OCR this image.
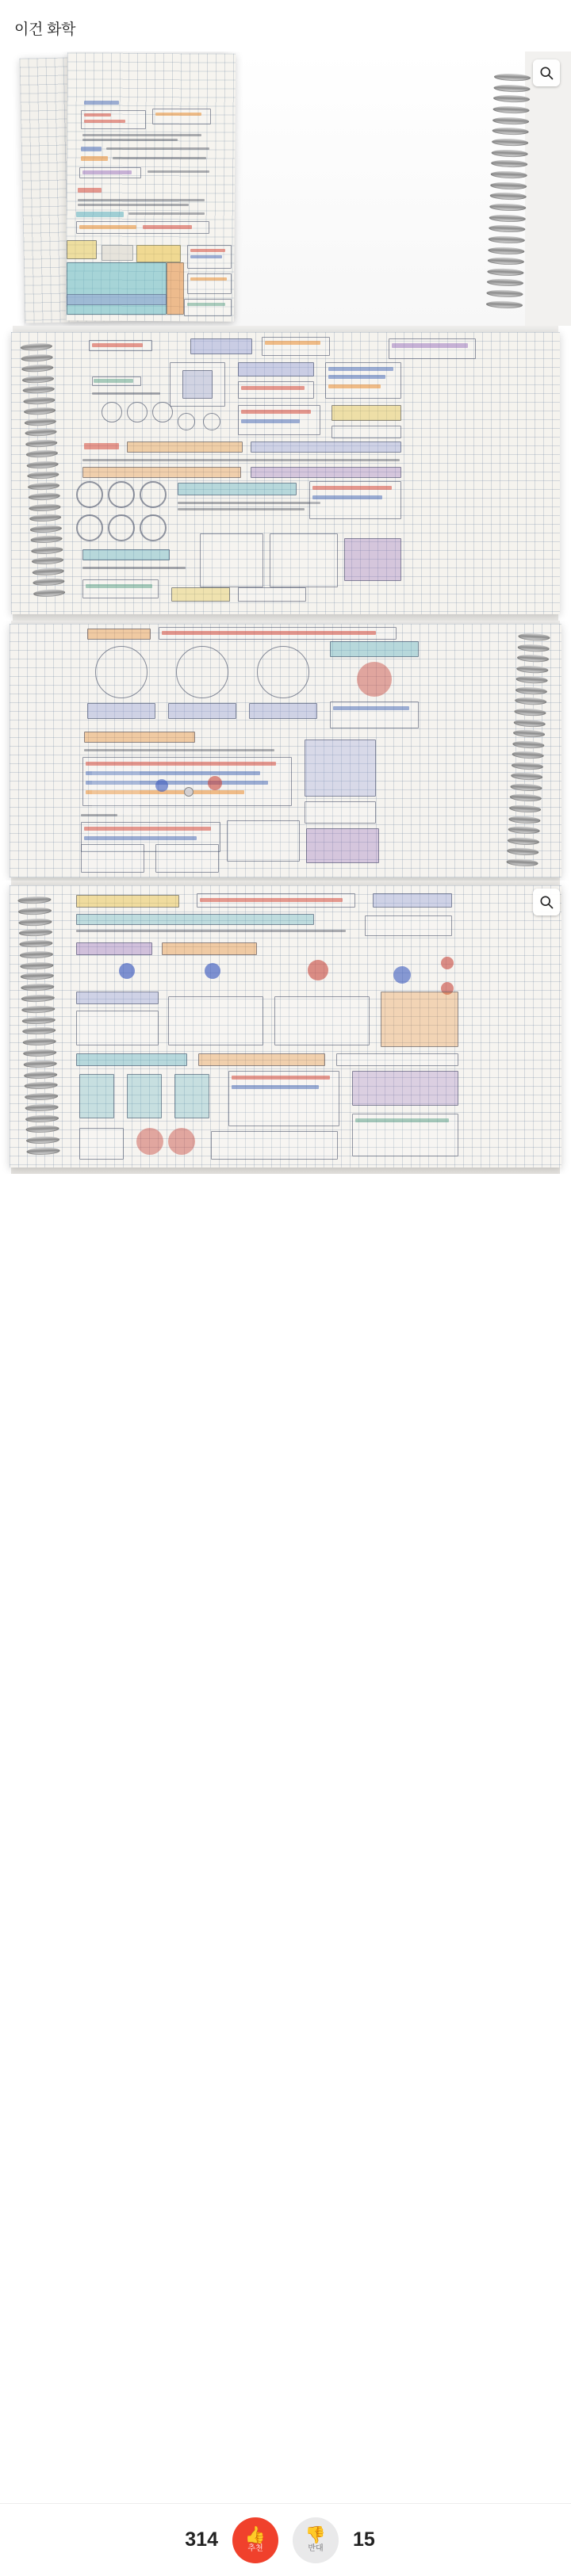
이건 화학
314 👍
추천
👎
반대 15
